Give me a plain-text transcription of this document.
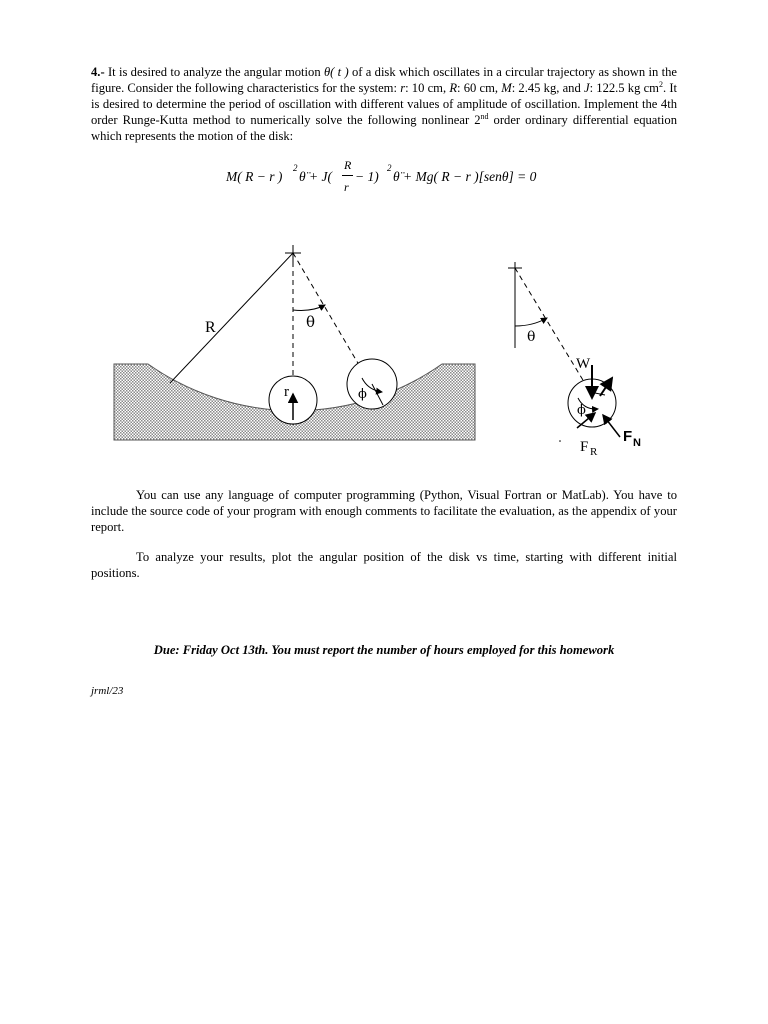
4.- It is desired to analyze the angular motion θ( t ) of a disk which oscillates in a circular trajectory as shown in the figure. Consider the following characteristics for the system: r: 10 cm, R: 60 cm, M: 2.45 kg, and J: 122.5 kg $cm^2$. It is desired to determine the period of oscillation with different values of amplitude of oscillation. Implement the 4th order Runge-Kutta method to numerically solve the following nonlinear 2nd order ordinary differential equation which represents the motion of the disk:

M( R − r )
2
θ̈ + J(
R
r
− 1)
2
θ̈ + Mg( R − r )[senθ] = 0
R	θ
r	ϕ
θ
W
ϕ
F N
F R

You can use any language of computer programming (Python, Visual Fortran or MatLab). You have to include the source code of your program with enough comments to facilitate the evaluation, as the appendix of your report.

To analyze your results, plot the angular position of the disk vs time, starting with different initial positions.

Due: Friday Oct 13th. You must report the number of hours employed for this homework
jrml/23
